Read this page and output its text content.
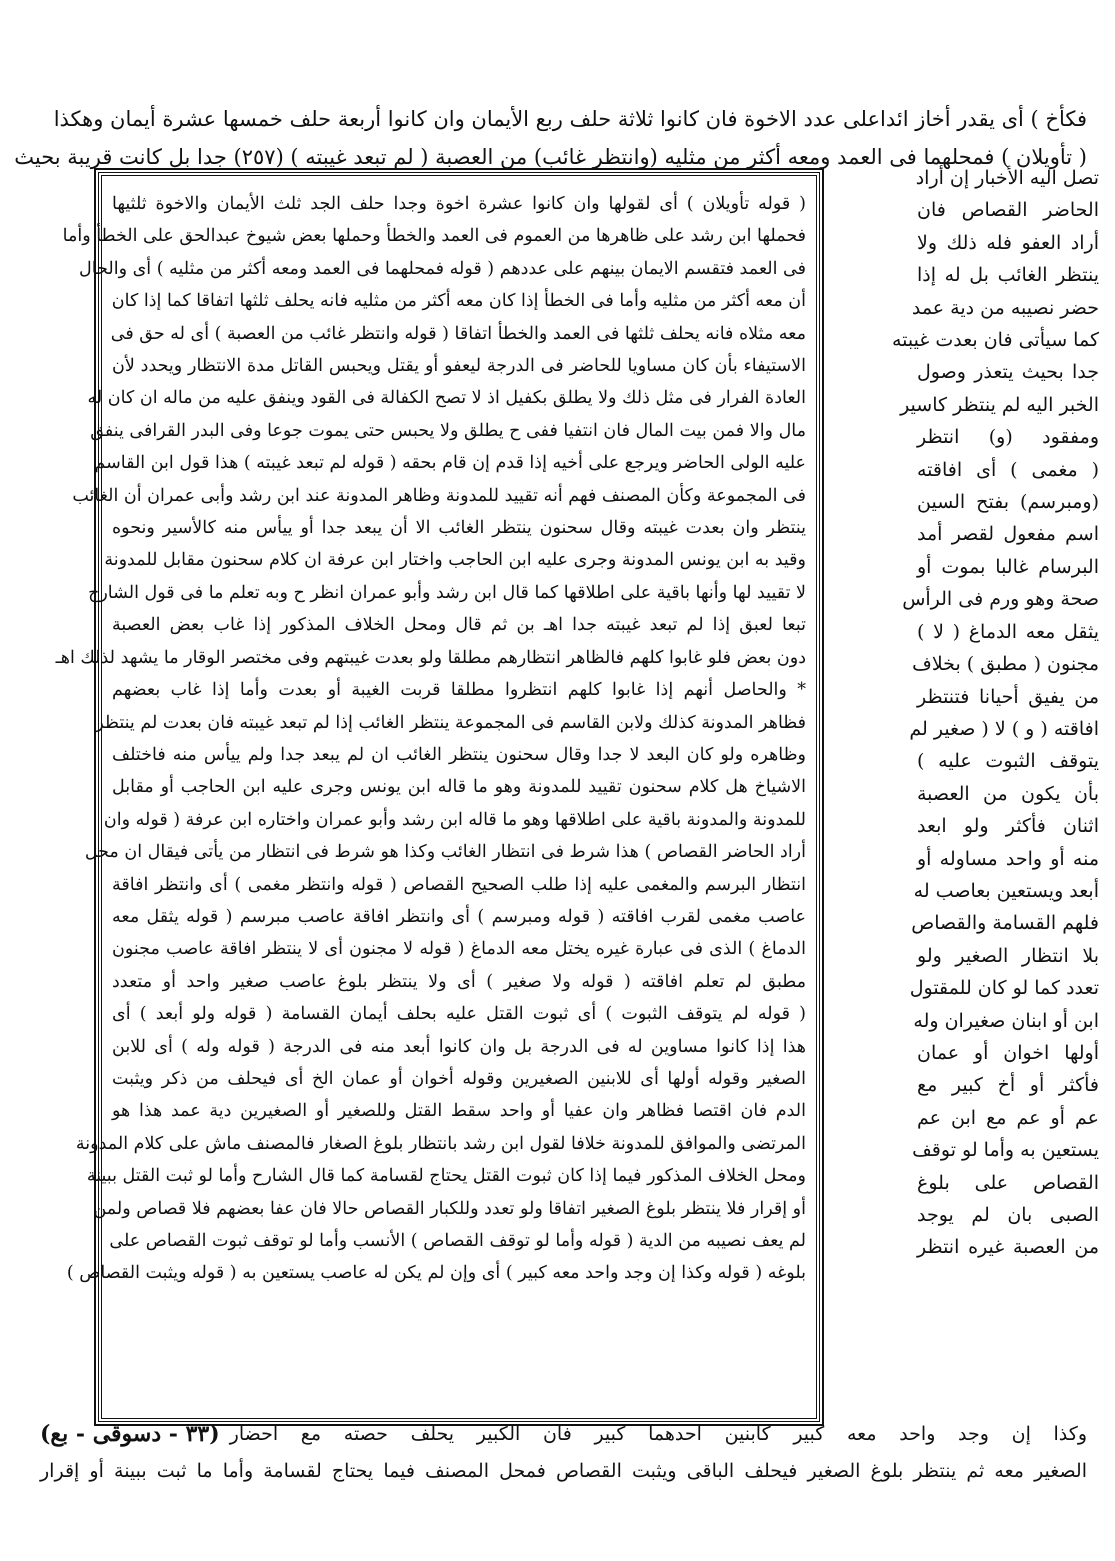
فكأخ ) أى يقدر أخاز ائداعلى عدد الاخوة فان كانوا ثلاثة حلف ربع الأيمان وان كانوا أربعة حلف خمسها عشرة أيمان وهكذا
( تأويلان ) فمحلهما فى العمد ومعه أكثر من مثليه (وانتظر غائب) من العصبة ( لم تبعد غيبته ) (٢٥٧) جدا بل كانت قريبة بحيث
تصل اليه الأخبار إن أراد
الحاضر القصاص فان
أراد العفو فله ذلك ولا
ينتظر الغائب بل له إذا
حضر نصيبه من دية عمد
كما سيأتى فان بعدت غيبته
جدا بحيث يتعذر وصول
الخبر اليه لم ينتظر كاسير
ومفقود (و) انتظر
( مغمى ) أى افاقته
(ومبرسم) بفتح السين
اسم مفعول لقصر أمد
البرسام غالبا بموت أو
صحة وهو ورم فى الرأس
يثقل معه الدماغ ( لا )
مجنون ( مطبق ) بخلاف
من يفيق أحيانا فتنتظر
افاقته ( و ) لا ( صغير لم
يتوقف الثبوت عليه )
بأن يكون من العصبة
اثنان فأكثر ولو ابعد
منه أو واحد مساوله أو
أبعد ويستعين بعاصب له
فلهم القسامة والقصاص
بلا انتظار الصغير ولو
تعدد كما لو كان للمقتول
ابن أو ابنان صغيران وله
أولها اخوان أو عمان
فأكثر أو أخ كبير مع
عم أو عم مع ابن عم
يستعين به وأما لو توقف
القصاص على بلوغ
الصبى بان لم يوجد
من العصبة غيره انتظر
( قوله تأويلان ) أى لقولها وان كانوا عشرة اخوة وجدا حلف الجد ثلث الأيمان والاخوة ثلثيها
فحملها ابن رشد على ظاهرها من العموم فى العمد والخطأ وحملها بعض شيوخ عبدالحق على الخطأ وأما
فى العمد فتقسم الايمان بينهم على عددهم ( قوله فمحلهما فى العمد ومعه أكثر من مثليه ) أى والحال
أن معه أكثر من مثليه وأما فى الخطأ إذا كان معه أكثر من مثليه فانه يحلف ثلثها اتفاقا كما إذا كان
معه مثلاه فانه يحلف ثلثها فى العمد والخطأ اتفاقا ( قوله وانتظر غائب من العصبة ) أى له حق فى
الاستيفاء بأن كان مساويا للحاضر فى الدرجة ليعفو أو يقتل ويحبس القاتل مدة الانتظار ويحدد لأن
العادة الفرار فى مثل ذلك ولا يطلق بكفيل اذ لا تصح الكفالة فى القود وينفق عليه من ماله ان كان له
مال والا فمن بيت المال فان انتفيا ففى ح يطلق ولا يحبس حتى يموت جوعا وفى البدر القرافى ينفق
عليه الولى الحاضر ويرجع على أخيه إذا قدم إن قام بحقه ( قوله لم تبعد غيبته ) هذا قول ابن القاسم
فى المجموعة وكأن المصنف فهم أنه تقييد للمدونة وظاهر المدونة عند ابن رشد وأبى عمران أن الغائب
ينتظر وان بعدت غيبته وقال سحنون ينتظر الغائب الا أن يبعد جدا أو ييأس منه كالأسير ونحوه
وقيد به ابن يونس المدونة وجرى عليه ابن الحاجب واختار ابن عرفة ان كلام سحنون مقابل للمدونة
لا تقييد لها وأنها باقية على اطلاقها كما قال ابن رشد وأبو عمران انظر ح وبه تعلم ما فى قول الشارح
تبعا لعبق إذا لم تبعد غيبته جدا اهـ بن ثم قال ومحل الخلاف المذكور إذا غاب بعض العصبة
دون بعض فلو غابوا كلهم فالظاهر انتظارهم مطلقا ولو بعدت غيبتهم وفى مختصر الوقار ما يشهد لذلك اهـ
* والحاصل أنهم إذا غابوا كلهم انتظروا مطلقا قربت الغيبة أو بعدت وأما إذا غاب بعضهم
فظاهر المدونة كذلك ولابن القاسم فى المجموعة ينتظر الغائب إذا لم تبعد غيبته فان بعدت لم ينتظر
وظاهره ولو كان البعد لا جدا وقال سحنون ينتظر الغائب ان لم يبعد جدا ولم ييأس منه فاختلف
الاشياخ هل كلام سحنون تقييد للمدونة وهو ما قاله ابن يونس وجرى عليه ابن الحاجب أو مقابل
للمدونة والمدونة باقية على اطلاقها وهو ما قاله ابن رشد وأبو عمران واختاره ابن عرفة ( قوله وان
أراد الحاضر القصاص ) هذا شرط فى انتظار الغائب وكذا هو شرط فى انتظار من يأتى فيقال ان محل
انتظار البرسم والمغمى عليه إذا طلب الصحيح القصاص ( قوله وانتظر مغمى ) أى وانتظر افاقة
عاصب مغمى لقرب افاقته ( قوله ومبرسم ) أى وانتظر افاقة عاصب مبرسم ( قوله يثقل معه
الدماغ ) الذى فى عبارة غيره يختل معه الدماغ ( قوله لا مجنون أى لا ينتظر افاقة عاصب مجنون
مطبق لم تعلم افاقته ( قوله ولا صغير ) أى ولا ينتظر بلوغ عاصب صغير واحد أو متعدد
( قوله لم يتوقف الثبوت ) أى ثبوت القتل عليه بحلف أيمان القسامة ( قوله ولو أبعد ) أى
هذا إذا كانوا مساوين له فى الدرجة بل وان كانوا أبعد منه فى الدرجة ( قوله وله ) أى للابن
الصغير وقوله أولها أى للابنين الصغيرين وقوله أخوان أو عمان الخ أى فيحلف من ذكر ويثبت
الدم فان اقتصا فظاهر وان عفيا أو واحد سقط القتل وللصغير أو الصغيرين دية عمد هذا هو
المرتضى والموافق للمدونة خلافا لقول ابن رشد بانتظار بلوغ الصغار فالمصنف ماش على كلام المدونة
ومحل الخلاف المذكور فيما إذا كان ثبوت القتل يحتاج لقسامة كما قال الشارح وأما لو ثبت القتل ببينة
أو إقرار فلا ينتظر بلوغ الصغير اتفاقا ولو تعدد وللكبار القصاص حالا فان عفا بعضهم فلا قصاص ولمن
لم يعف نصيبه من الدية ( قوله وأما لو توقف القصاص ) الأنسب وأما لو توقف ثبوت القصاص على
بلوغه ( قوله وكذا إن وجد واحد معه كبير ) أى وإن لم يكن له عاصب يستعين به ( قوله ويثبت القصاص )
وكذا إن وجد واحد معه كبير كابنين احدهما كبير فان الكبير يحلف حصته مع احضار
(٣٣ - دسوقى - بع)
الصغير معه ثم ينتظر بلوغ الصغير فيحلف الباقى ويثبت القصاص فمحل المصنف فيما يحتاج لقسامة وأما ما ثبت ببينة أو إقرار
